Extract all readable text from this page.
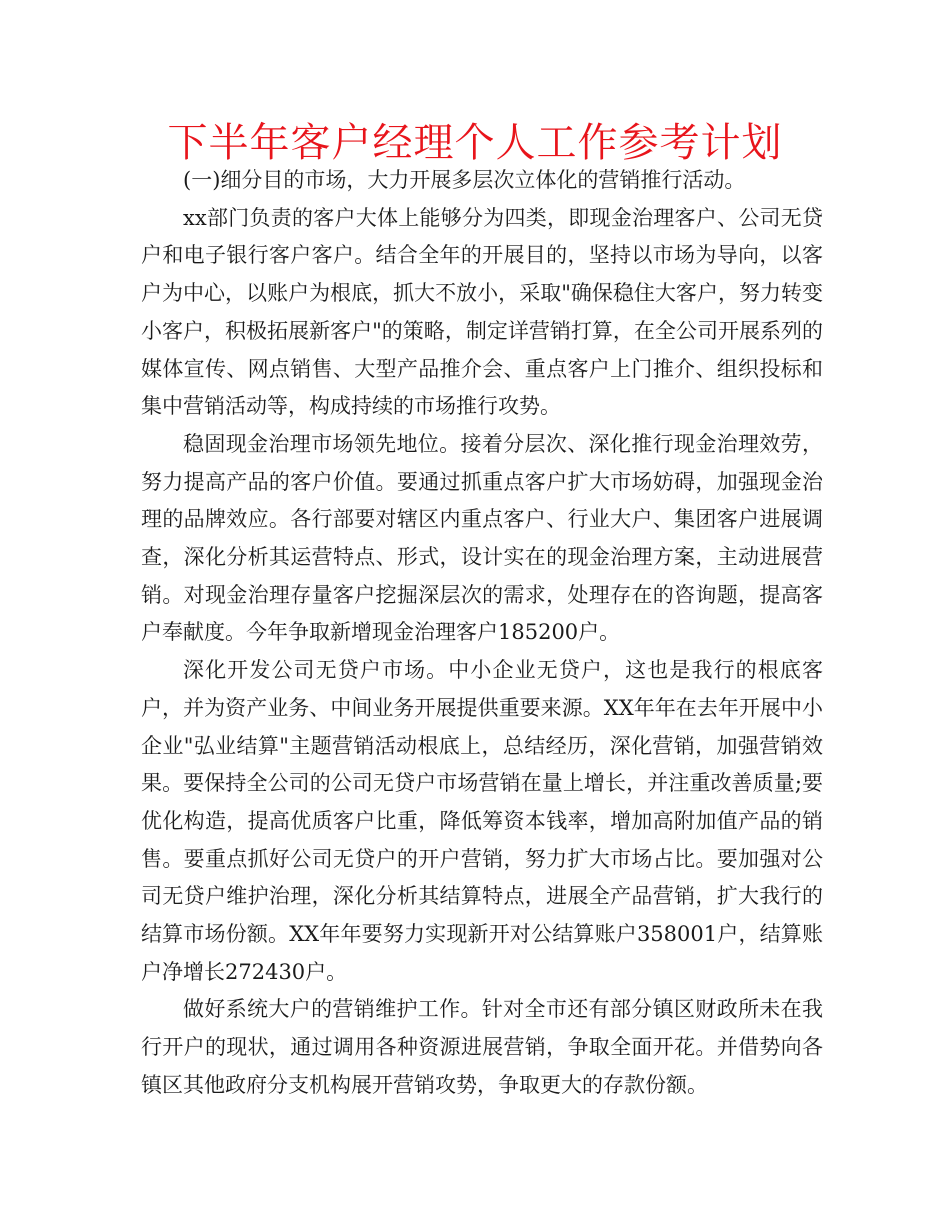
下半年客户经理个人工作参考计划

(一)细分目的市场，大力开展多层次立体化的营销推行活动。

xx部门负责的客户大体上能够分为四类，即现金治理客户、公司无贷户和电子银行客户客户。结合全年的开展目的，坚持以市场为导向，以客户为中心，以账户为根底，抓大不放小，采取"确保稳住大客户，努力转变小客户，积极拓展新客户"的策略，制定详营销打算，在全公司开展系列的媒体宣传、网点销售、大型产品推介会、重点客户上门推介、组织投标和集中营销活动等，构成持续的市场推行攻势。

稳固现金治理市场领先地位。接着分层次、深化推行现金治理效劳，努力提高产品的客户价值。要通过抓重点客户扩大市场妨碍，加强现金治理的品牌效应。各行部要对辖区内重点客户、行业大户、集团客户进展调查，深化分析其运营特点、形式，设计实在的现金治理方案，主动进展营销。对现金治理存量客户挖掘深层次的需求，处理存在的咨询题，提高客户奉献度。今年争取新增现金治理客户185200户。

深化开发公司无贷户市场。中小企业无贷户，这也是我行的根底客户，并为资产业务、中间业务开展提供重要来源。XX年年在去年开展中小企业"弘业结算"主题营销活动根底上，总结经历，深化营销，加强营销效果。要保持全公司的公司无贷户市场营销在量上增长，并注重改善质量;要优化构造，提高优质客户比重，降低筹资本钱率，增加高附加值产品的销售。要重点抓好公司无贷户的开户营销，努力扩大市场占比。要加强对公司无贷户维护治理，深化分析其结算特点，进展全产品营销，扩大我行的结算市场份额。XX年年要努力实现新开对公结算账户358001户，结算账户净增长272430户。

做好系统大户的营销维护工作。针对全市还有部分镇区财政所未在我行开户的现状，通过调用各种资源进展营销，争取全面开花。并借势向各镇区其他政府分支机构展开营销攻势，争取更大的存款份额。
